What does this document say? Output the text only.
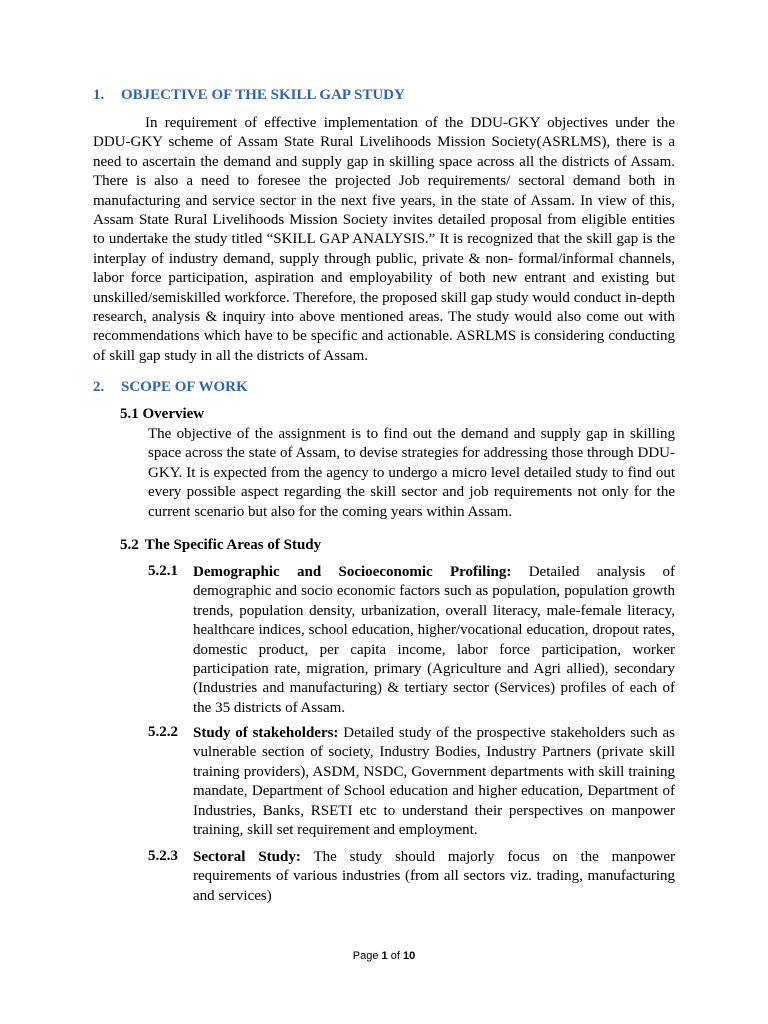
1. OBJECTIVE OF THE SKILL GAP STUDY

In requirement of effective implementation of the DDU-GKY objectives under the DDU-GKY scheme of Assam State Rural Livelihoods Mission Society(ASRLMS), there is a need to ascertain the demand and supply gap in skilling space across all the districts of Assam. There is also a need to foresee the projected Job requirements/ sectoral demand both in manufacturing and service sector in the next five years, in the state of Assam. In view of this, Assam State Rural Livelihoods Mission Society invites detailed proposal from eligible entities to undertake the study titled “SKILL GAP ANALYSIS.” It is recognized that the skill gap is the interplay of industry demand, supply through public, private & non- formal/informal channels, labor force participation, aspiration and employability of both new entrant and existing but unskilled/semiskilled workforce. Therefore, the proposed skill gap study would conduct in-depth research, analysis & inquiry into above mentioned areas. The study would also come out with recommendations which have to be specific and actionable. ASRLMS is considering conducting of skill gap study in all the districts of Assam.

2. SCOPE OF WORK
5.1 Overview

The objective of the assignment is to find out the demand and supply gap in skilling space across the state of Assam, to devise strategies for addressing those through DDU-GKY. It is expected from the agency to undergo a micro level detailed study to find out every possible aspect regarding the skill sector and job requirements not only for the current scenario but also for the coming years within Assam.

5.2 The Specific Areas of Study
5.2.1 Demographic and Socioeconomic Profiling: Detailed analysis of demographic and socio economic factors such as population, population growth trends, population density, urbanization, overall literacy, male-female literacy, healthcare indices, school education, higher/vocational education, dropout rates, domestic product, per capita income, labor force participation, worker participation rate, migration, primary (Agriculture and Agri allied), secondary (Industries and manufacturing) & tertiary sector (Services) profiles of each of the 35 districts of Assam.

5.2.2 Study of stakeholders: Detailed study of the prospective stakeholders such as vulnerable section of society, Industry Bodies, Industry Partners (private skill training providers), ASDM, NSDC, Government departments with skill training mandate, Department of School education and higher education, Department of Industries, Banks, RSETI etc to understand their perspectives on manpower training, skill set requirement and employment.

5.2.3 Sectoral Study: The study should majorly focus on the manpower requirements of various industries (from all sectors viz. trading, manufacturing and services)

Page 1 of 10
